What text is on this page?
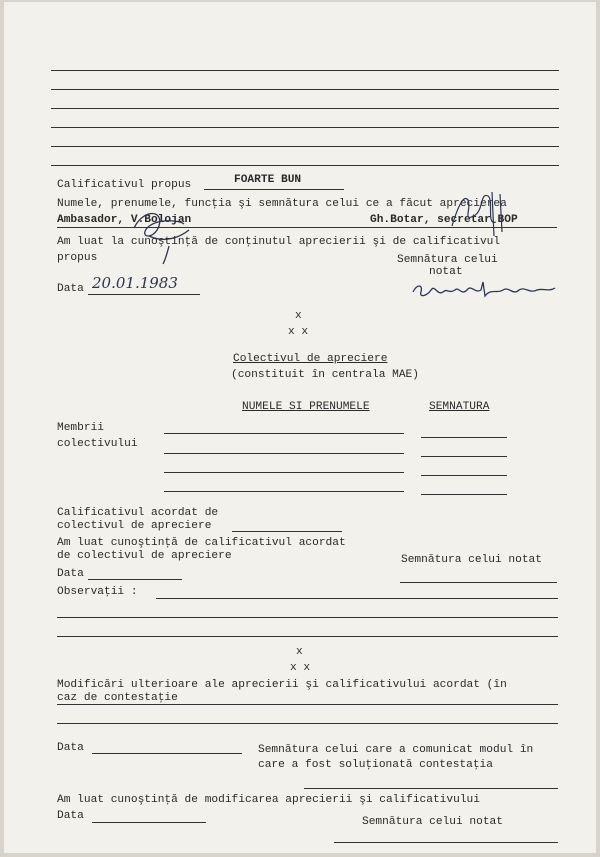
Calificativul propus	FOARTE BUN
Numele, prenumele, funcţia şi semnătura celui ce a făcut aprecierea
Ambasador, V.Bolojan	Gh.Botar, secretar BOP
Am luat la cunoştinţă de conţinutul aprecierii şi de calificativul
propus	Semnătura celui
notat
Data 20.01.1983
x
x x
Colectivul de apreciere
(constituit în centrala MAE)
NUMELE SI PRENUMELE	SEMNATURA
Membrii
colectivului
Calificativul acordat de
colectivul de apreciere
Am luat cunoştinţă de calificativul acordat
de colectivul de apreciere	Semnătura celui notat
Data
Observaţii :
x
x x
Modificări ulterioare ale aprecierii şi calificativului acordat (în
caz de contestaţie
Data	Semnătura celui care a comunicat modul în
care a fost soluţionată contestaţia
Am luat cunoştinţă de modificarea aprecierii şi calificativului
Data	Semnătura celui notat
